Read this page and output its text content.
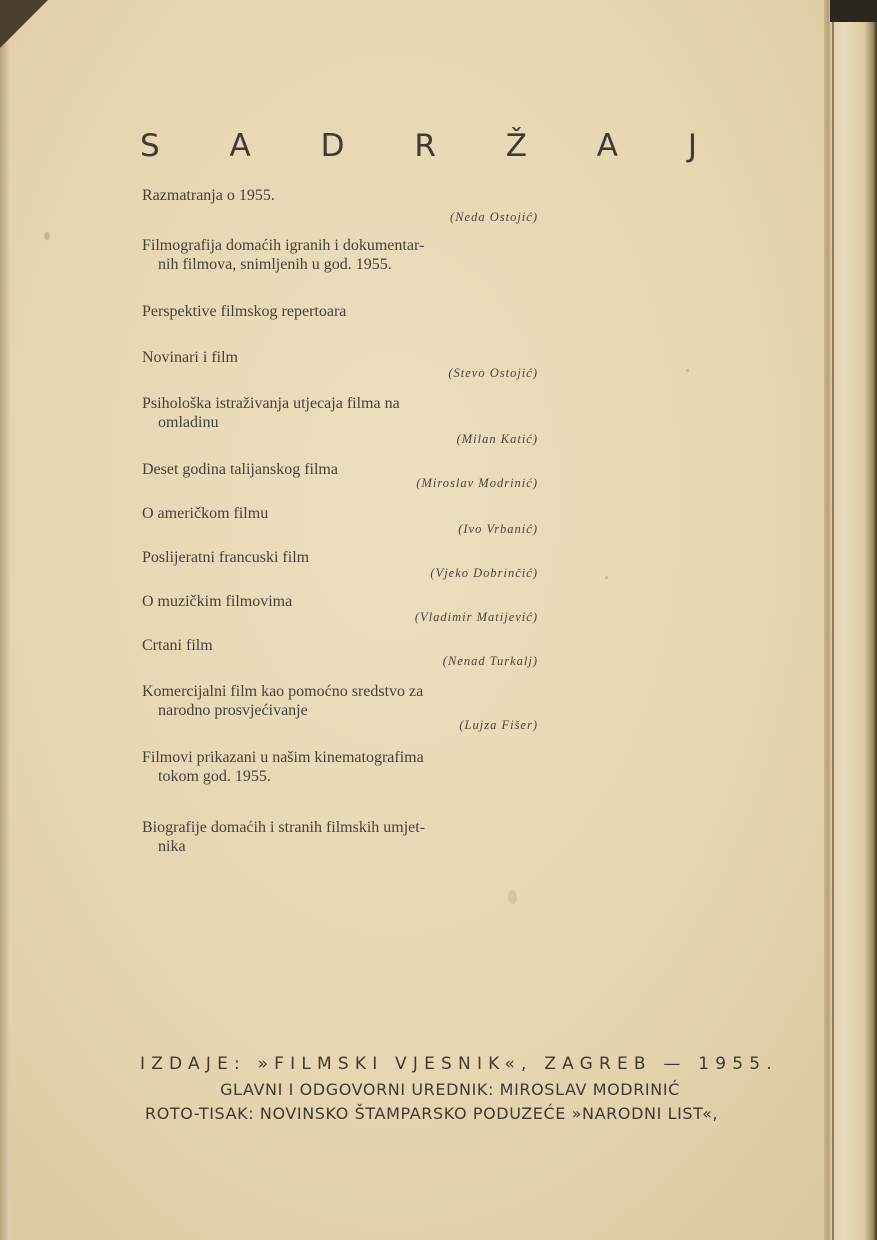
S A D R Ž A J
Razmatranja o 1955.
(Neda Ostojić)
Filmografija domaćih igranih i dokumentar-
nih filmova, snimljenih u god. 1955.
Perspektive filmskog repertoara
Novinari i film
(Stevo Ostojić)
Psihološka istraživanja utjecaja filma na
omladinu
(Milan Katić)
Deset godina talijanskog filma
(Miroslav Modrinić)
O američkom filmu
(Ivo Vrbanić)
Poslijeratni francuski film
(Vjeko Dobrinčić)
O muzičkim filmovima
(Vladimir Matijević)
Crtani film
(Nenad Turkalj)
Komercijalni film kao pomoćno sredstvo za
narodno prosvjećivanje
(Lujza Fišer)
Filmovi prikazani u našim kinematografima
tokom god. 1955.
Biografije domaćih i stranih filmskih umjet-
nika
IZDAJE: »FILMSKI VJESNIK«, ZAGREB — 1955.
GLAVNI I ODGOVORNI UREDNIK: MIROSLAV MODRINIĆ
ROTO-TISAK: NOVINSKO ŠTAMPARSKO PODUZEĆE »NARODNI LIST«,
